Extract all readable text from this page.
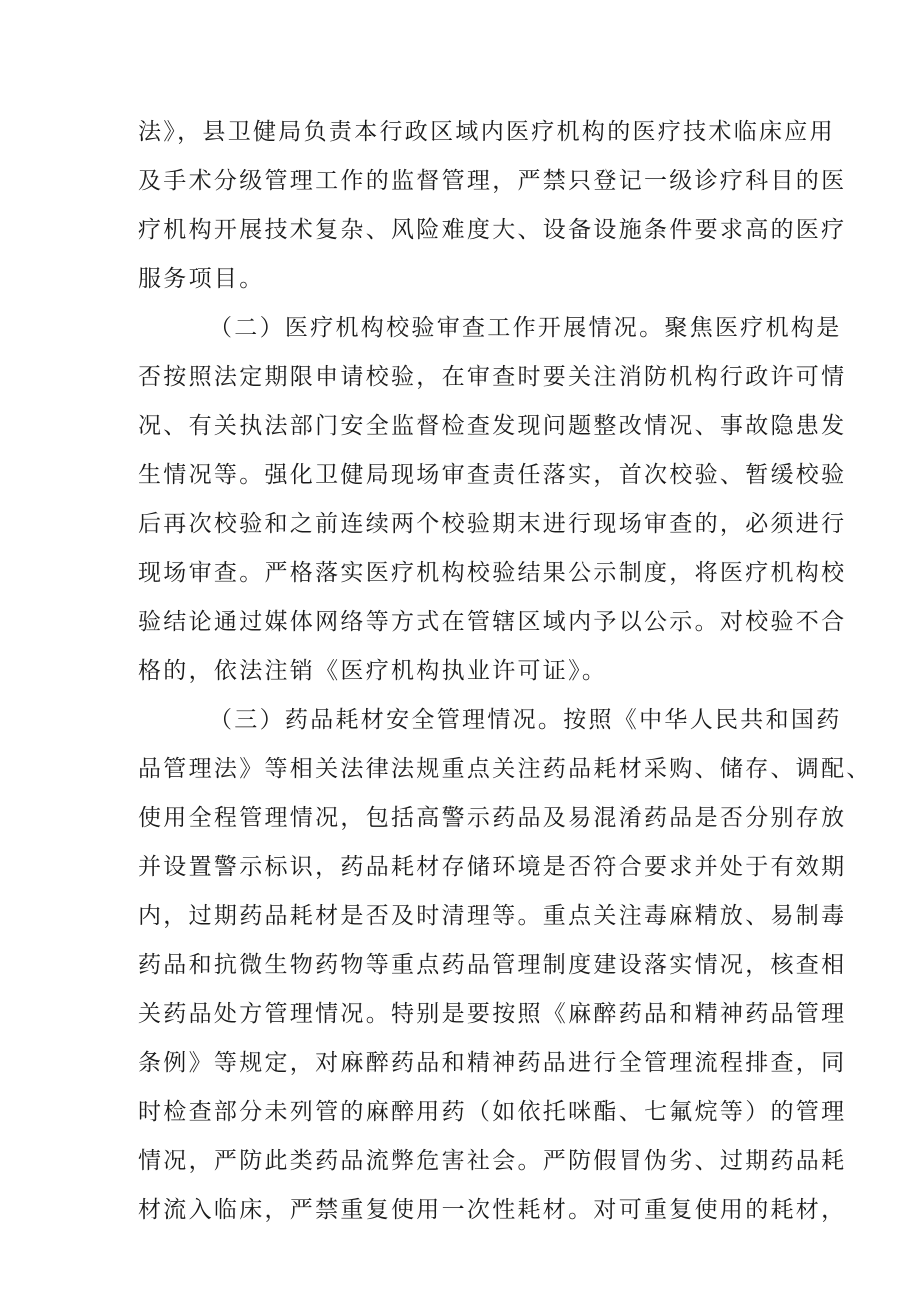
法》，县卫健局负责本行政区域内医疗机构的医疗技术临床应用
及手术分级管理工作的监督管理，严禁只登记一级诊疗科目的医
疗机构开展技术复杂、风险难度大、设备设施条件要求高的医疗
服务项目。
（二）医疗机构校验审查工作开展情况。聚焦医疗机构是
否按照法定期限申请校验，在审查时要关注消防机构行政许可情
况、有关执法部门安全监督检查发现问题整改情况、事故隐患发
生情况等。强化卫健局现场审查责任落实，首次校验、暂缓校验
后再次校验和之前连续两个校验期末进行现场审查的，必须进行
现场审查。严格落实医疗机构校验结果公示制度，将医疗机构校
验结论通过媒体网络等方式在管辖区域内予以公示。对校验不合
格的，依法注销《医疗机构执业许可证》。
（三）药品耗材安全管理情况。按照《中华人民共和国药
品管理法》等相关法律法规重点关注药品耗材采购、储存、调配、
使用全程管理情况，包括高警示药品及易混淆药品是否分别存放
并设置警示标识，药品耗材存储环境是否符合要求并处于有效期
内，过期药品耗材是否及时清理等。重点关注毒麻精放、易制毒
药品和抗微生物药物等重点药品管理制度建设落实情况，核查相
关药品处方管理情况。特别是要按照《麻醉药品和精神药品管理
条例》等规定，对麻醉药品和精神药品进行全管理流程排查，同
时检查部分未列管的麻醉用药（如依托咪酯、七氟烷等）的管理
情况，严防此类药品流弊危害社会。严防假冒伪劣、过期药品耗
材流入临床，严禁重复使用一次性耗材。对可重复使用的耗材，
